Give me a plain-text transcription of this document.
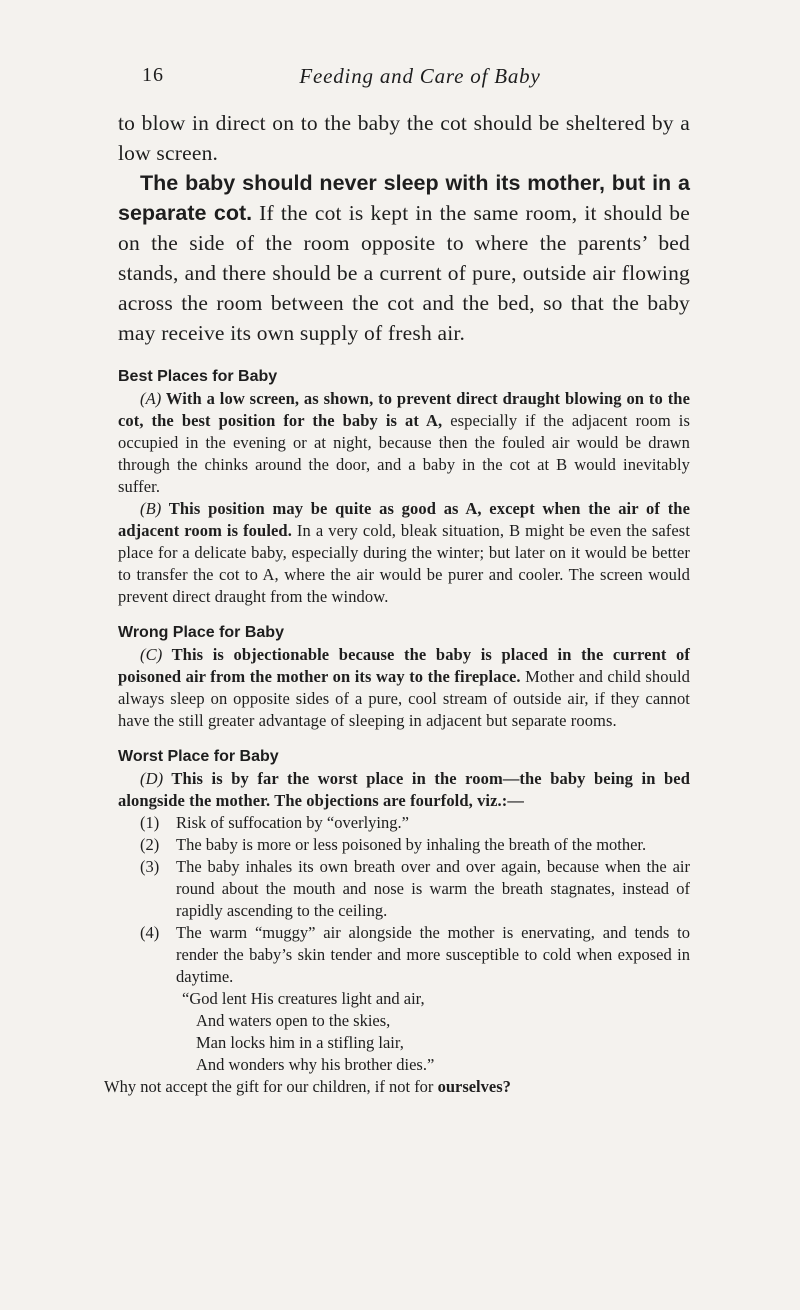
16	Feeding and Care of Baby

to blow in direct on to the baby the cot should be sheltered by a low screen.

The baby should never sleep with its mother, but in a separate cot. If the cot is kept in the same room, it should be on the side of the room opposite to where the parents’ bed stands, and there should be a current of pure, outside air flowing across the room between the cot and the bed, so that the baby may receive its own supply of fresh air.

Best Places for Baby

(A) With a low screen, as shown, to prevent direct draught blowing on to the cot, the best position for the baby is at A, especially if the adjacent room is occupied in the evening or at night, because then the fouled air would be drawn through the chinks around the door, and a baby in the cot at B would inevitably suffer.

(B) This position may be quite as good as A, except when the air of the adjacent room is fouled. In a very cold, bleak situation, B might be even the safest place for a delicate baby, especially during the winter; but later on it would be better to transfer the cot to A, where the air would be purer and cooler. The screen would prevent direct draught from the window.

Wrong Place for Baby

(C) This is objectionable because the baby is placed in the current of poisoned air from the mother on its way to the fireplace. Mother and child should always sleep on opposite sides of a pure, cool stream of outside air, if they cannot have the still greater advantage of sleeping in adjacent but separate rooms.

Worst Place for Baby

(D) This is by far the worst place in the room—the baby being in bed alongside the mother. The objections are fourfold, viz.:—

(1)	Risk of suffocation by “overlying.”
(2)	The baby is more or less poisoned by inhaling the breath of the mother.
(3)	The baby inhales its own breath over and over again, because when the air round about the mouth and nose is warm the breath stagnates, instead of rapidly ascending to the ceiling.
(4)	The warm “muggy” air alongside the mother is enervating, and tends to render the baby’s skin tender and more susceptible to cold when exposed in daytime.
“God lent His creatures light and air,
And waters open to the skies,
Man locks him in a stifling lair,
And wonders why his brother dies.”

Why not accept the gift for our children, if not for ourselves?
